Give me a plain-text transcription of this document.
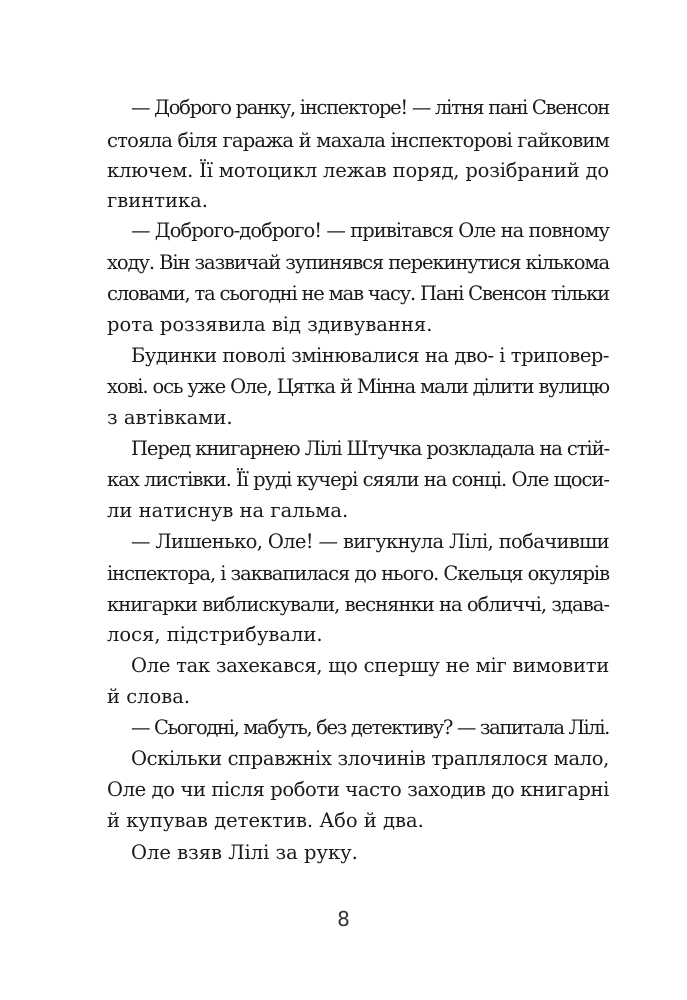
— Доброго ранку, інспекторе! — літня пані Свенсон

стояла біля гаража й махала інспекторові гайковим

ключем. Її мотоцикл лежав поряд, розібраний до

гвинтика.

— Доброго-доброго! — привітався Оле на повному

ходу. Він зазвичай зупинявся перекинутися кількома

словами, та сьогодні не мав часу. Пані Свенсон тільки

рота роззявила від здивування.

Будинки поволі змінювалися на дво- і триповер-

хові. ось уже Оле, Цятка й Мінна мали ділити вулицю

з автівками.

Перед книгарнею Лілі Штучка розкладала на стій-

ках листівки. Її руді кучері сяяли на сонці. Оле щоси-

ли натиснув на гальма.

— Лишенько, Оле! — вигукнула Лілі, побачивши

інспектора, і заквапилася до нього. Скельця окулярів

книгарки виблискували, веснянки на обличчі, здава-

лося, підстрибували.

Оле так захекався, що спершу не міг вимовити

й слова.

— Сьогодні, мабуть, без детективу? — запитала Лілі.

Оскільки справжніх злочинів траплялося мало,

Оле до чи після роботи часто заходив до книгарні

й купував детектив. Або й два.

Оле взяв Лілі за руку.

8
